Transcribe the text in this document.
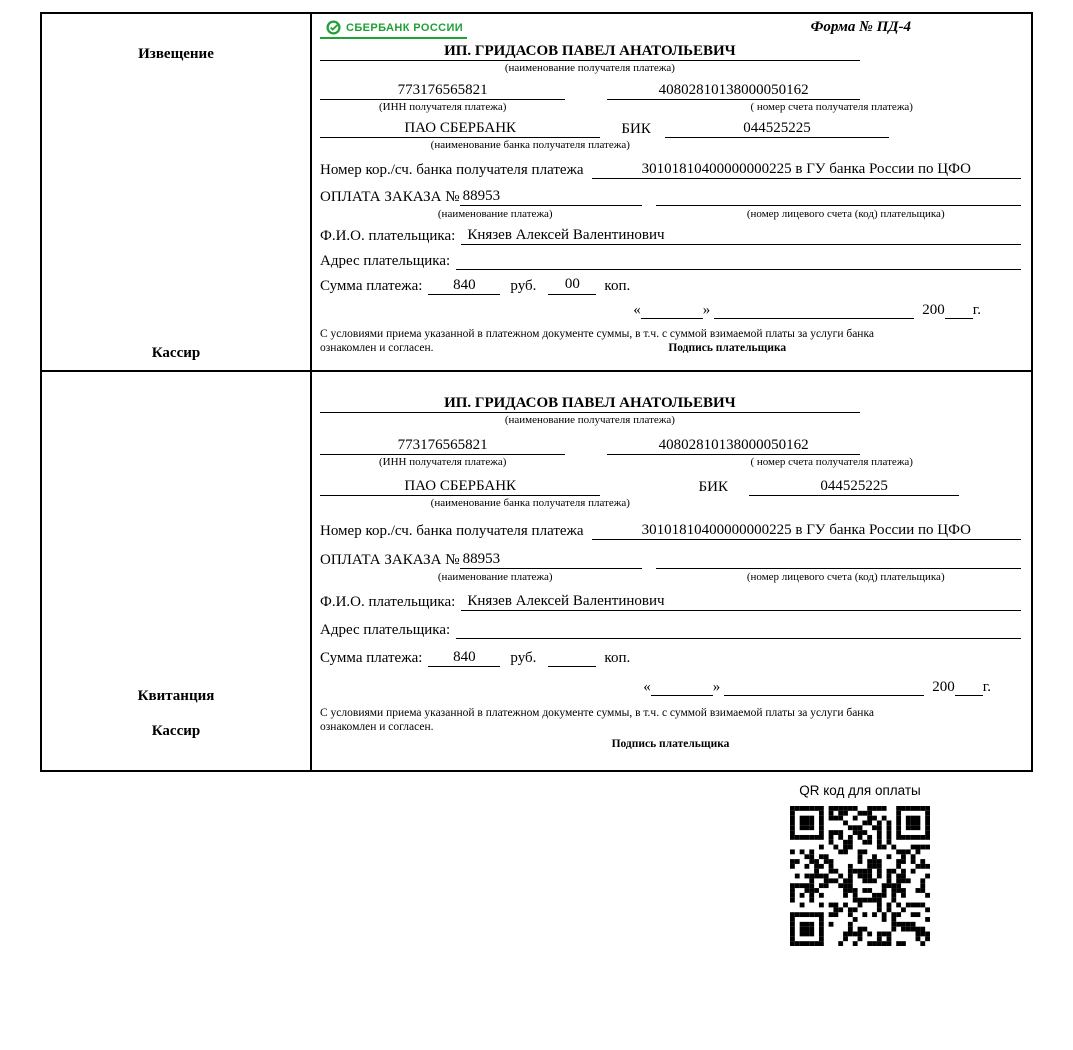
Извещение
Кассир
СБЕРБАНК РОССИИ	Форма № ПД-4
ИП. ГРИДАСОВ ПАВЕЛ АНАТОЛЬЕВИЧ
(наименование получателя платежа)
773176565821	40802810138000050162
(ИНН получателя платежа)	( номер счета получателя платежа)
ПАО СБЕРБАНК	БИК	044525225
(наименование банка получателя платежа)
Номер кор./сч. банка получателя платежа	30101810400000000225 в ГУ банка России по ЦФО
ОПЛАТА ЗАКАЗА № 88953
(наименование платежа)	(номер лицевого счета (код) плательщика)
Ф.И.О. плательщика: Князев Алексей Валентинович
Адрес плательщика:
Сумма платежа:	840	руб.	00	коп.
«	»	200 г.
С условиями приема указанной в платежном документе суммы, в т.ч. с суммой взимаемой платы за услуги банка
ознакомлен и согласен.	Подпись плательщика
Квитанция
Кассир
ИП. ГРИДАСОВ ПАВЕЛ АНАТОЛЬЕВИЧ
(наименование получателя платежа)
773176565821	40802810138000050162
(ИНН получателя платежа)	( номер счета получателя платежа)
ПАО СБЕРБАНК	БИК	044525225
(наименование банка получателя платежа)
Номер кор./сч. банка получателя платежа	30101810400000000225 в ГУ банка России по ЦФО
ОПЛАТА ЗАКАЗА № 88953
(наименование платежа)	(номер лицевого счета (код) плательщика)
Ф.И.О. плательщика: Князев Алексей Валентинович
Адрес плательщика:
Сумма платежа:	840	руб.	коп.
«	»	200 г.
С условиями приема указанной в платежном документе суммы, в т.ч. с суммой взимаемой платы за услуги банка
ознакомлен и согласен.
Подпись плательщика
QR код для оплаты
